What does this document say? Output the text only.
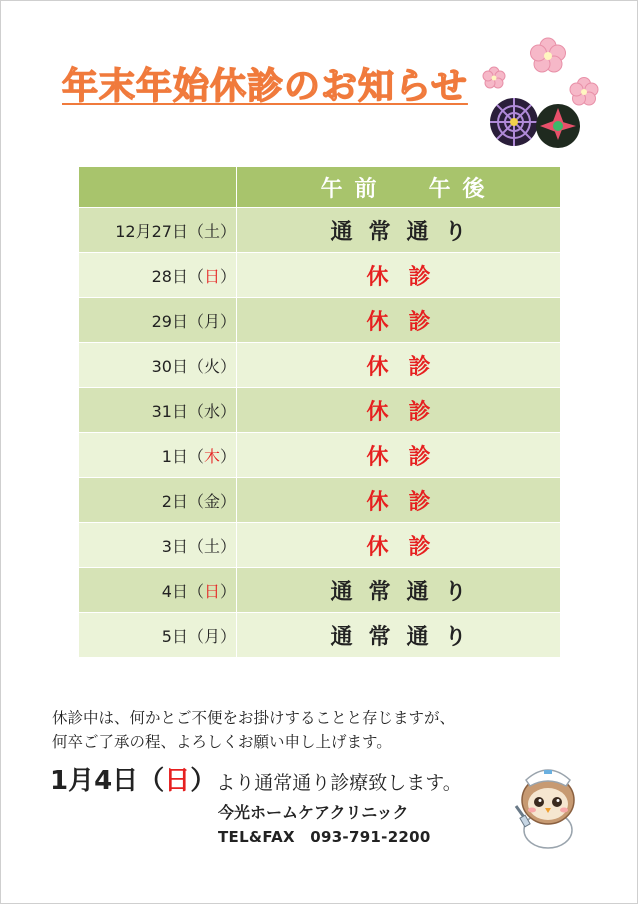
年末年始休診のお知らせ
	午前 午後
12月27日（土）	通常通り
28日（日）	休診
29日（月）	休診
30日（火）	休診
31日（水）	休診
1日（木）	休診
2日（金）	休診
3日（土）	休診
4日（日）	通常通り
5日（月）	通常通り
休診中は、何かとご不便をお掛けすることと存じますが、
何卒ご了承の程、よろしくお願い申し上げます。
1月4日（日）より通常通り診療致します。
今光ホームケアクリニック
TEL&FAX　093-791-2200
